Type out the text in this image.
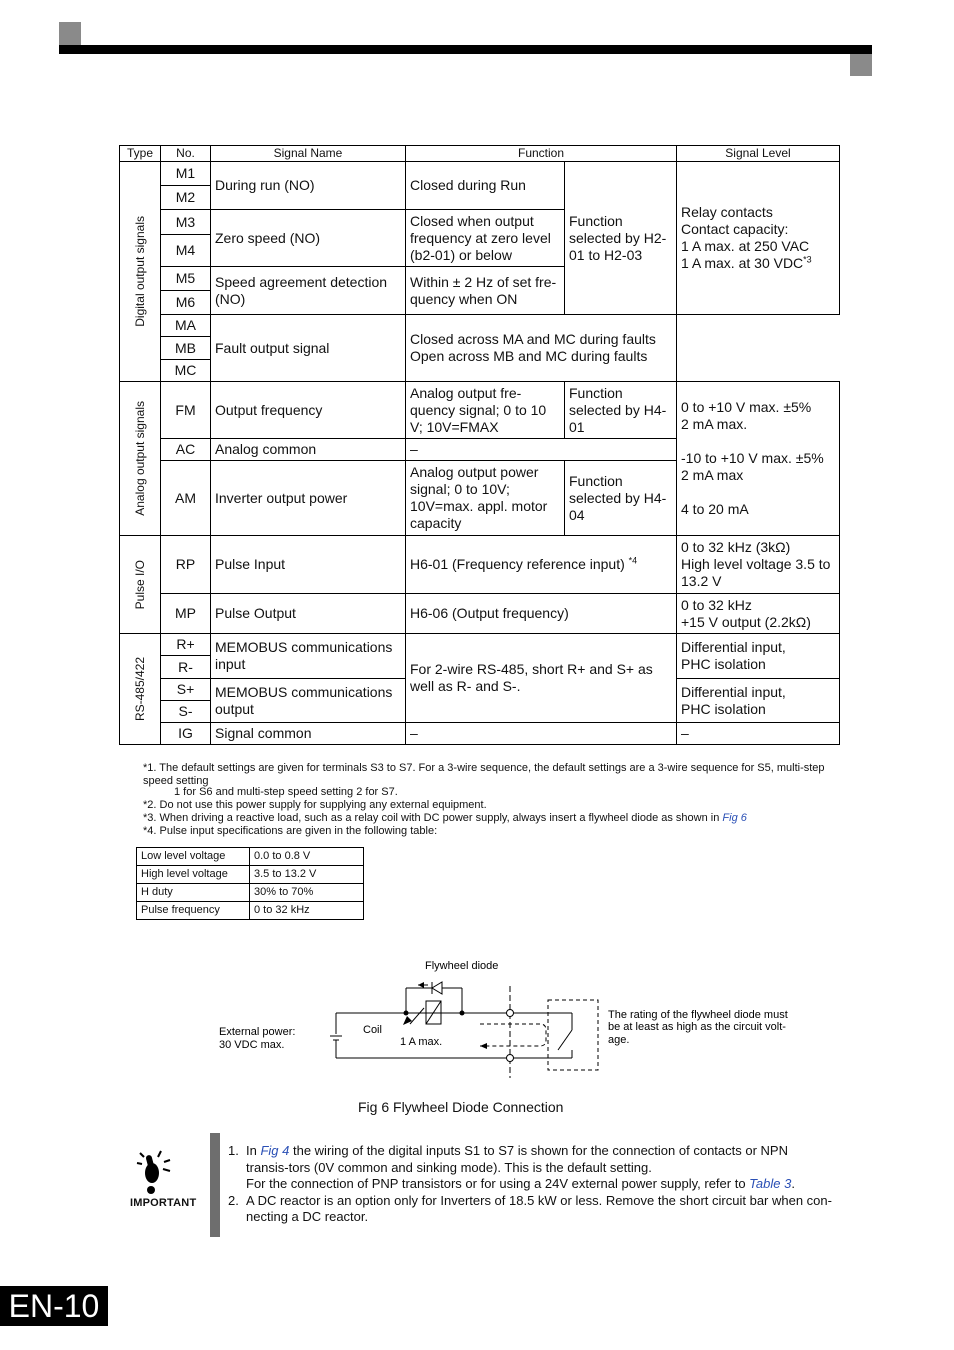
Type	No.	Signal Name	Function		Signal Level

Digital output signals	M1	During run (NO)	Closed during Run	Function selected by H2-01 to H2-03	Relay contacts
Contact capacity:
1 A max. at 250 VAC
1 A max. at 30 VDC$^{*3}$

	M2				
	M3	Zero speed (NO)	Closed when output frequency at zero level (b2-01) or below		
	M4				
	M5	Speed agreement detection (NO)	Within ± 2 Hz of set fre-quency when ON		
	M6				
	MA	Fault output signal	Closed across MA and MC during faults
Open across MB and MC during faults		

	MB				
	MC				

Analog output signals	FM	Output frequency	Analog output fre-quency signal; 0 to 10 V; 10V=FMAX	Function selected by H4-01	0 to +10 V max. ±5%
2 mA max.
-10 to +10 V max. ±5%
2 mA max
4 to 20 mA

	AC	Analog common	–		
	AM	Inverter output power	Analog output power signal; 0 to 10V; 10V=max. appl. motor capacity	Function selected by H4-04	

Pulse I/O	RP	Pulse Input	H6-01 (Frequency reference input) $^{*4}$		0 to 32 kHz (3kΩ)
High level voltage 3.5 to 13.2 V

	MP	Pulse Output	H6-06 (Output frequency)		0 to 32 kHz
+15 V output (2.2kΩ)

RS-485/422	R+	MEMOBUS communications input	For 2-wire RS-485, short R+ and S+ as well as R- and S-.		Differential input,
PHC isolation

	R-				
	S+	MEMOBUS communications output			Differential input,
PHC isolation

	S-				
	IG	Signal common	–		–
*1. The default settings are given for terminals S3 to S7. For a 3-wire sequence, the default settings are a 3-wire sequence for S5, multi-step speed setting
1 for S6 and multi-step speed setting 2 for S7.
*2. Do not use this power supply for supplying any external equipment.
*3. When driving a reactive load, such as a relay coil with DC power supply, always insert a flywheel diode as shown in Fig 6
*4. Pulse input specifications are given in the following table:
Low level voltage	0.0 to 0.8 V
High level voltage	3.5 to 13.2 V
H duty	30% to 70%
Pulse frequency	0 to 32 kHz
Flywheel diode
External power:
30 VDC max.
Coil
1 A max.
The rating of the flywheel diode must
be at least as high as the circuit volt-
age.
Fig 6 Flywheel Diode Connection
IMPORTANT
1. In Fig 4 the wiring of the digital inputs S1 to S7 is shown for the connection of contacts or NPN transis-tors (0V common and sinking mode). This is the default setting.
For the connection of PNP transistors or for using a 24V external power supply, refer to Table 3.
2. A DC reactor is an option only for Inverters of 18.5 kW or less. Remove the short circuit bar when con-necting a DC reactor.
EN-10
